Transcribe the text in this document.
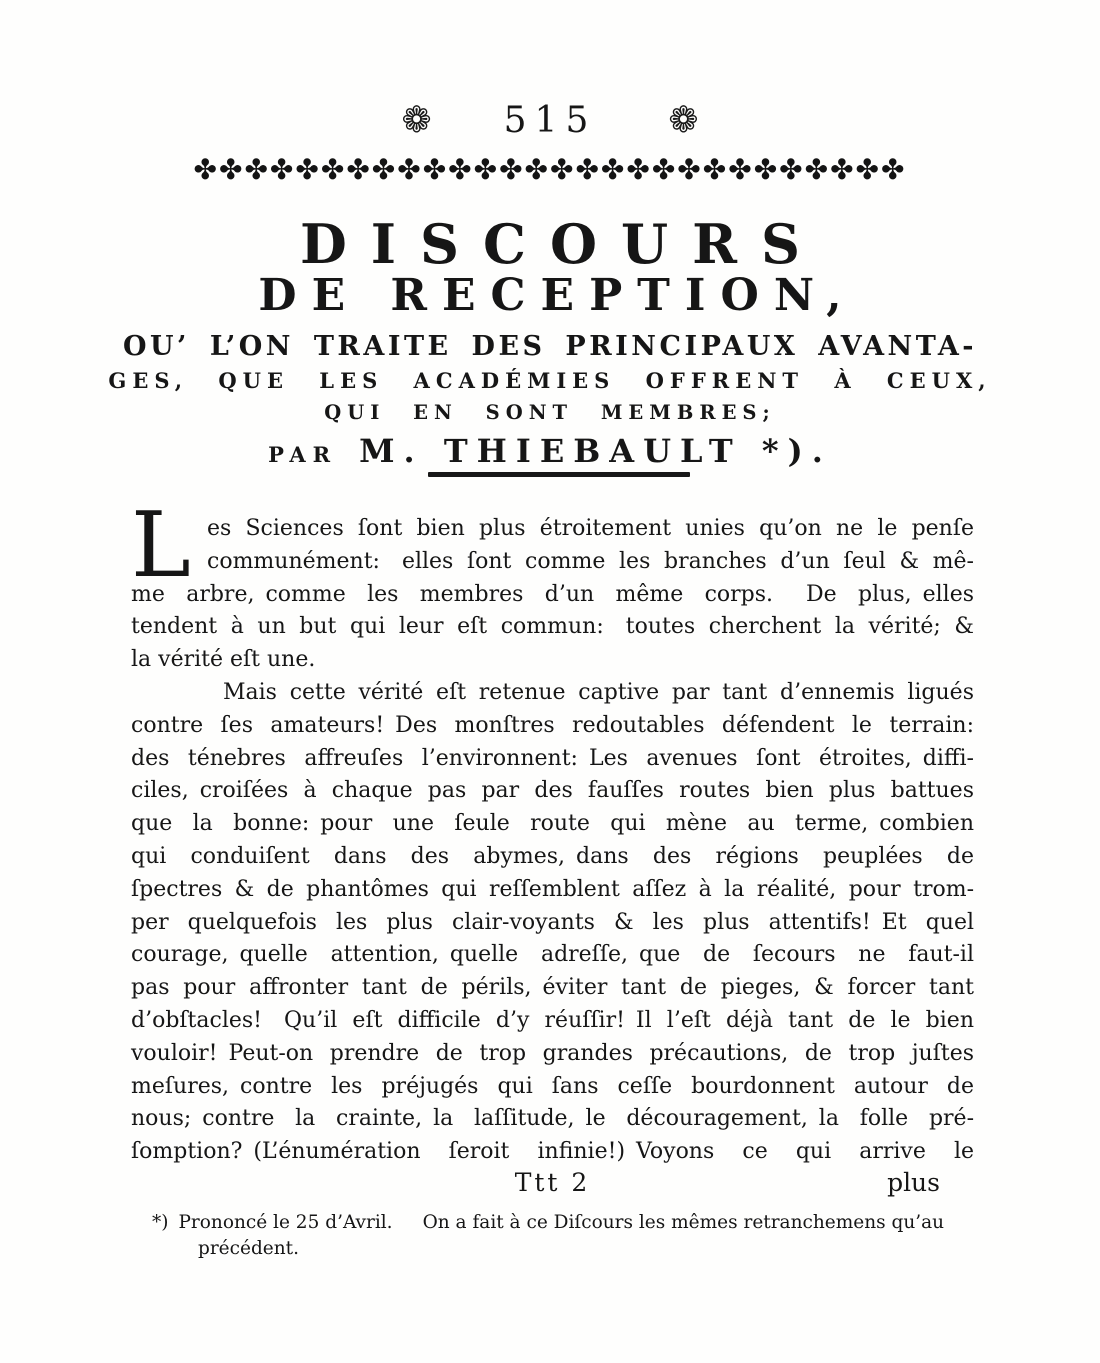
❁ 515 ❁
✤✤✤✤✤✤✤✤✤✤✤✤✤✤✤✤✤✤✤✤✤✤✤✤✤✤✤✤
DISCOURS
DE RECEPTION,
OU’ L’ON TRAITE DES PRINCIPAUX AVANTA-
GES, QUE LES ACADÉMIES OFFRENT À CEUX,
QUI EN SONT MEMBRES;
PAR M. THIEBAULT *).
L es Sciences ſont bien plus étroitement unies qu’on ne le penſe
communément: elles ſont comme les branches d’un ſeul & mê-
me arbre, comme les membres d’un même corps.  De plus, elles
tendent à un but qui leur eſt commun: toutes cherchent la vérité; &
la vérité eſt une.
Mais cette vérité eſt retenue captive par tant d’ennemis ligués
contre ſes amateurs! Des monſtres redoutables défendent le terrain:
des ténebres affreuſes l’environnent: Les avenues ſont étroites, diffi-
ciles, croiſées à chaque pas par des fauſſes routes bien plus battues
que la bonne: pour une ſeule route qui mène au terme, combien
qui conduiſent dans des abymes, dans des régions peuplées de
ſpectres & de phantômes qui reſſemblent aſſez à la réalité, pour trom-
per quelquefois les plus clair-voyants & les plus attentifs! Et quel
courage, quelle attention, quelle adreſſe, que de ſecours ne faut-il
pas pour affronter tant de périls, éviter tant de pieges, & forcer tant
d’obſtacles! Qu’il eſt difficile d’y réuſſir! Il l’eſt déjà tant de le bien
vouloir! Peut-on prendre de trop grandes précautions, de trop juſtes
meſures, contre les préjugés qui ſans ceſſe bourdonnent autour de
nous; contre la crainte, la laſſitude, le découragement, la folle pré-
ſomption? (L’énumération ſeroit infinie!) Voyons ce qui arrive le
Ttt 2	plus
*) Prononcé le 25 d’Avril. On a fait à ce Diſcours les mêmes retranchemens qu’au
précédent.
